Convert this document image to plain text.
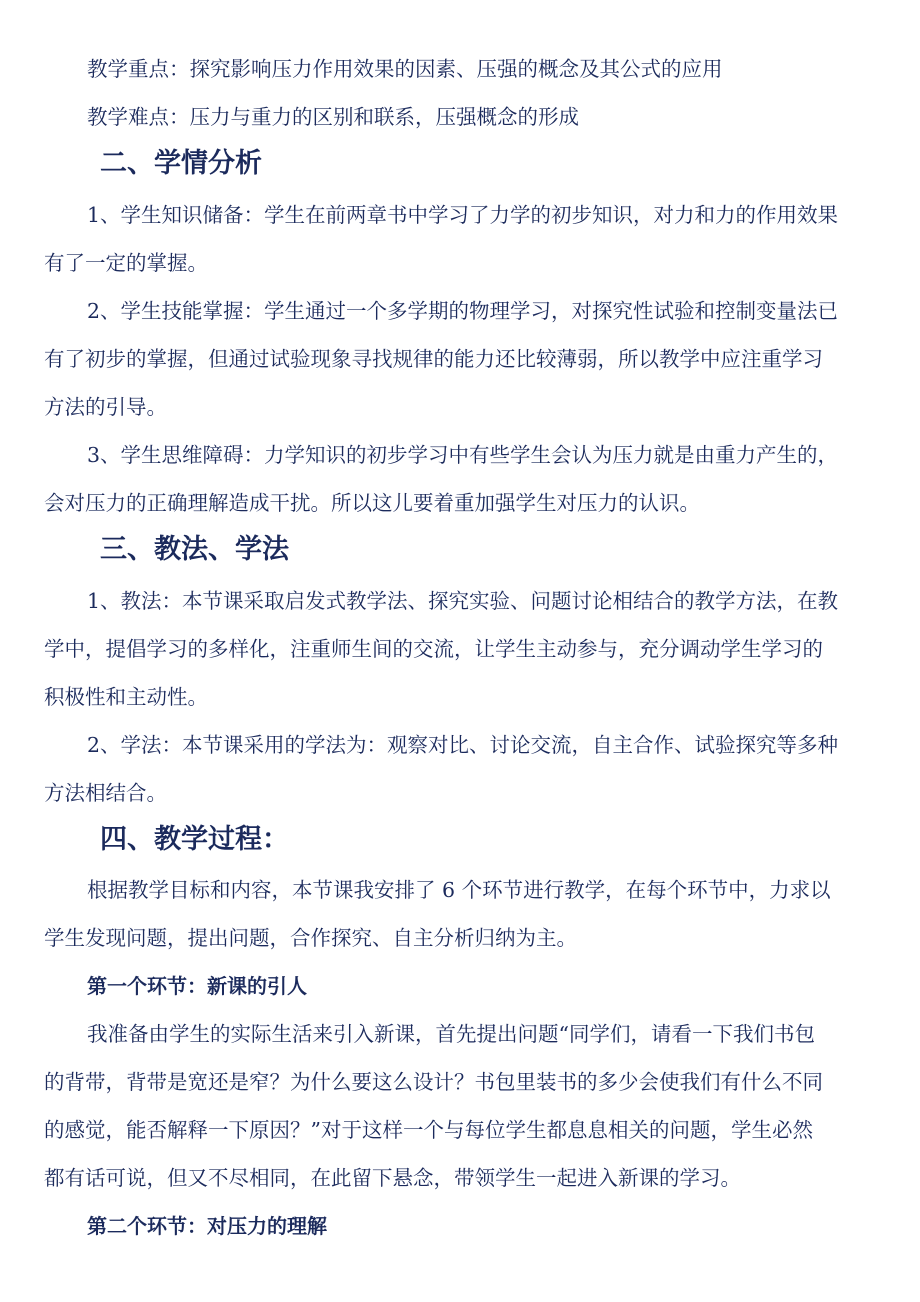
教学重点：探究影响压力作用效果的因素、压强的概念及其公式的应用
教学难点：压力与重力的区别和联系，压强概念的形成
二、学情分析
1、学生知识储备：学生在前两章书中学习了力学的初步知识，对力和力的作用效果
有了一定的掌握。
2、学生技能掌握：学生通过一个多学期的物理学习，对探究性试验和控制变量法已
有了初步的掌握，但通过试验现象寻找规律的能力还比较薄弱，所以教学中应注重学习
方法的引导。
3、学生思维障碍：力学知识的初步学习中有些学生会认为压力就是由重力产生的，
会对压力的正确理解造成干扰。所以这儿要着重加强学生对压力的认识。
三、教法、学法
1、教法：本节课采取启发式教学法、探究实验、问题讨论相结合的教学方法，在教
学中，提倡学习的多样化，注重师生间的交流，让学生主动参与，充分调动学生学习的
积极性和主动性。
2、学法：本节课采用的学法为：观察对比、讨论交流，自主合作、试验探究等多种
方法相结合。
四、教学过程：
根据教学目标和内容，本节课我安排了 6 个环节进行教学，在每个环节中，力求以
学生发现问题，提出问题，合作探究、自主分析归纳为主。
第一个环节：新课的引人
我准备由学生的实际生活来引入新课，首先提出问题“同学们，请看一下我们书包
的背带，背带是宽还是窄？为什么要这么设计？书包里装书的多少会使我们有什么不同
的感觉，能否解释一下原因？”对于这样一个与每位学生都息息相关的问题，学生必然
都有话可说，但又不尽相同，在此留下悬念，带领学生一起进入新课的学习。
第二个环节：对压力的理解
